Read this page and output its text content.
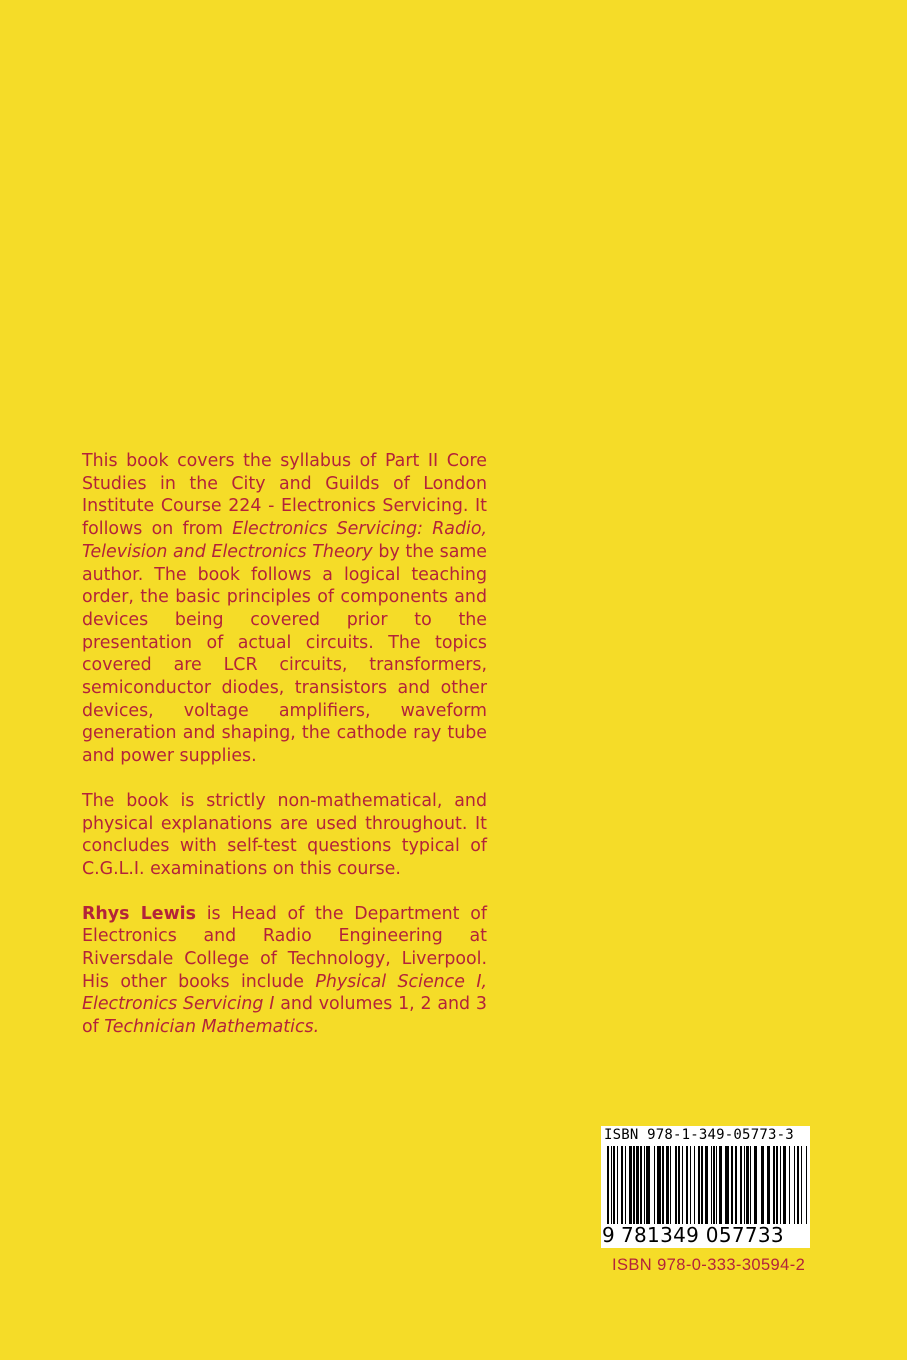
This book covers the syllabus of Part II Core Studies in the City and Guilds of London Institute Course 224 - Electronics Servicing. It follows on from Electronics Servicing: Radio, Television and Electronics Theory by the same author. The book follows a logical teaching order, the basic principles of components and devices being covered prior to the presentation of actual circuits. The topics covered are LCR circuits, transformers, semiconductor diodes, transistors and other devices, voltage amplifiers, waveform generation and shaping, the cathode ray tube and power supplies.

The book is strictly non-mathematical, and physical explanations are used throughout. It concludes with self-test questions typical of C.G.L.I. examinations on this course.

Rhys Lewis is Head of the Department of Electronics and Radio Engineering at Riversdale College of Technology, Liverpool. His other books include Physical Science I, Electronics Servicing I and volumes 1, 2 and 3 of Technician Mathematics.

ISBN 978-1-349-05773-3
9 781349 057733
ISBN 978-0-333-30594-2
